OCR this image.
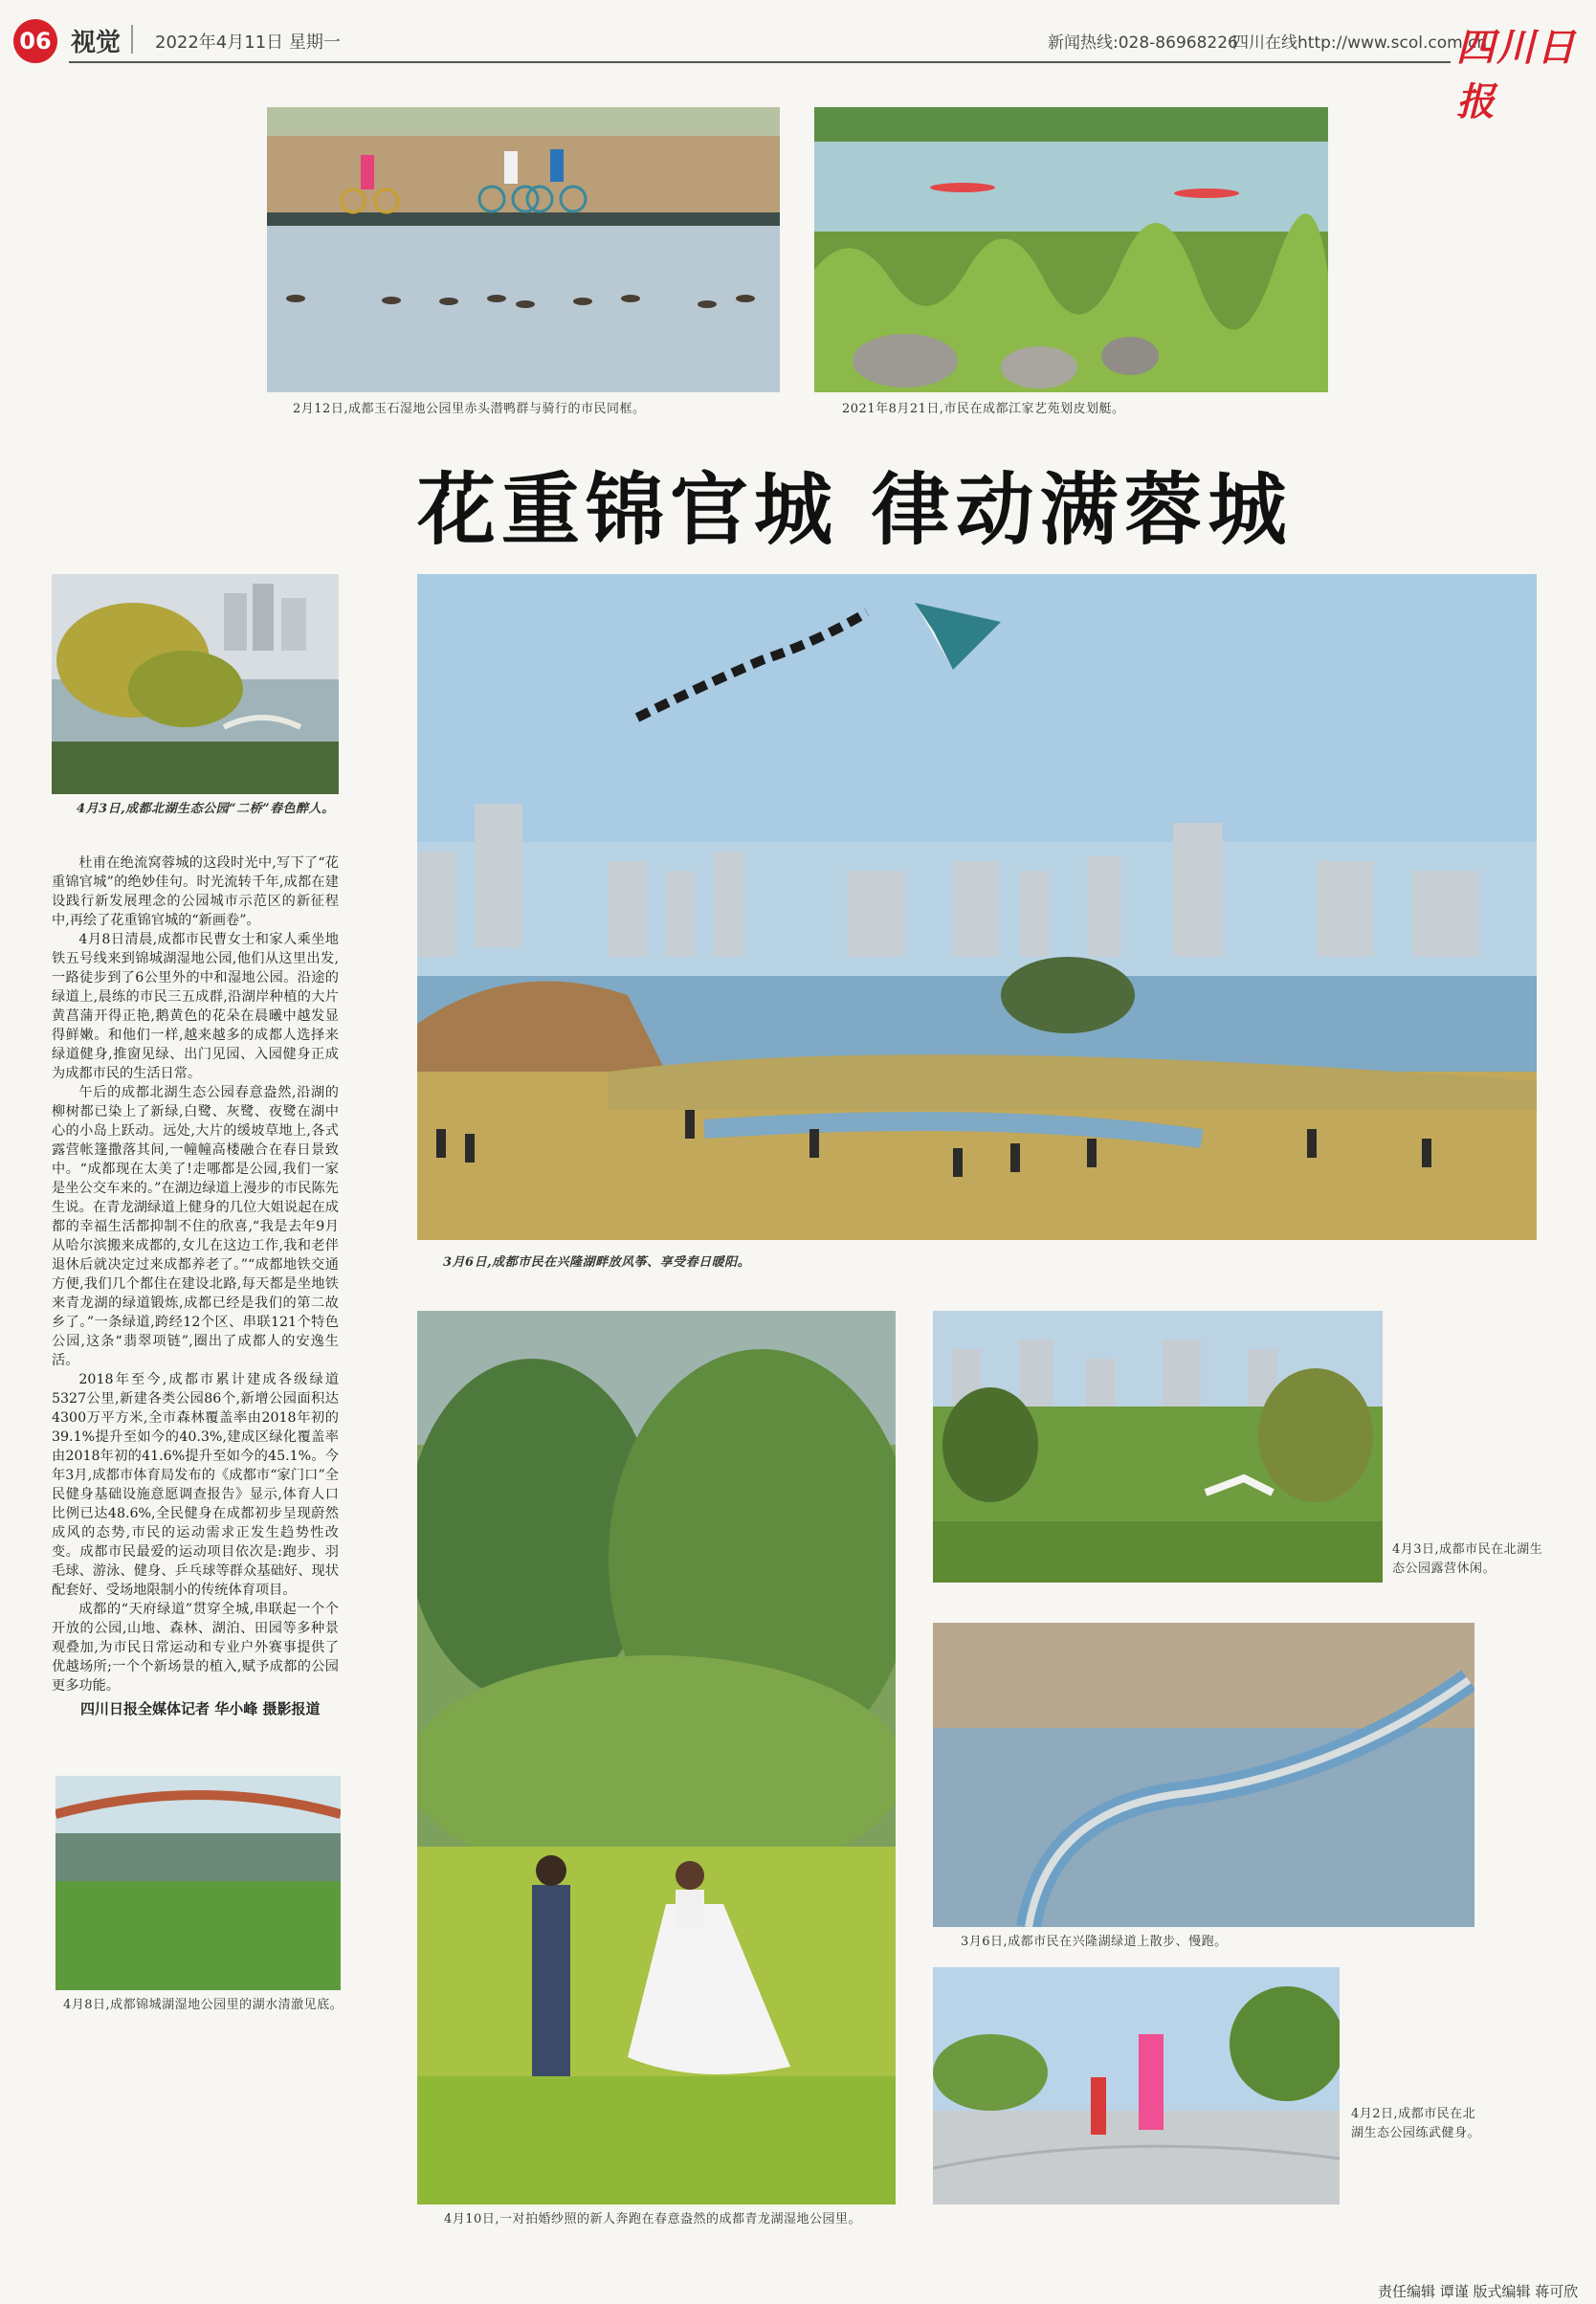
06 视觉 2022年4月11日 星期一	新闻热线:028-86968226
四川在线http://www.scol.com.cn
四川日报
2月12日,成都玉石湿地公园里赤头潜鸭群与骑行的市民同框。	2021年8月21日,市民在成都江家艺苑划皮划艇。
花重锦官城 律动满蓉城
4月3日,成都北湖生态公园“二桥”春色醉人。

杜甫在绝流窝蓉城的这段时光中,写下了“花重锦官城”的绝妙佳句。时光流转千年,成都在建设践行新发展理念的公园城市示范区的新征程中,再绘了花重锦官城的“新画卷”。

4月8日清晨,成都市民曹女士和家人乘坐地铁五号线来到锦城湖湿地公园,他们从这里出发,一路徒步到了6公里外的中和湿地公园。沿途的绿道上,晨练的市民三五成群,沿湖岸种植的大片黄菖蒲开得正艳,鹅黄色的花朵在晨曦中越发显得鲜嫩。和他们一样,越来越多的成都人选择来绿道健身,推窗见绿、出门见园、入园健身正成为成都市民的生活日常。

午后的成都北湖生态公园春意盎然,沿湖的柳树都已染上了新绿,白鹭、灰鹭、夜鹭在湖中心的小岛上跃动。远处,大片的缓坡草地上,各式露营帐篷撒落其间,一幢幢高楼融合在春日景致中。“成都现在太美了!走哪都是公园,我们一家是坐公交车来的。”在湖边绿道上漫步的市民陈先生说。在青龙湖绿道上健身的几位大姐说起在成都的幸福生活都抑制不住的欣喜,“我是去年9月从哈尔滨搬来成都的,女儿在这边工作,我和老伴退休后就决定过来成都养老了。”“成都地铁交通方便,我们几个都住在建设北路,每天都是坐地铁来青龙湖的绿道锻炼,成都已经是我们的第二故乡了。”一条绿道,跨经12个区、串联121个特色公园,这条“翡翠项链”,圈出了成都人的安逸生活。

2018年至今,成都市累计建成各级绿道5327公里,新建各类公园86个,新增公园面积达4300万平方米,全市森林覆盖率由2018年初的39.1%提升至如今的40.3%,建成区绿化覆盖率由2018年初的41.6%提升至如今的45.1%。今年3月,成都市体育局发布的《成都市“家门口”全民健身基础设施意愿调查报告》显示,体育人口比例已达48.6%,全民健身在成都初步呈现蔚然成风的态势,市民的运动需求正发生趋势性改变。成都市民最爱的运动项目依次是:跑步、羽毛球、游泳、健身、乒乓球等群众基础好、现状配套好、受场地限制小的传统体育项目。

成都的“天府绿道”贯穿全城,串联起一个个开放的公园,山地、森林、湖泊、田园等多种景观叠加,为市民日常运动和专业户外赛事提供了优越场所;一个个新场景的植入,赋予成都的公园更多功能。

四川日报全媒体记者 华小峰 摄影报道
3月6日,成都市民在兴隆湖畔放风筝、享受春日暖阳。
4月10日,一对拍婚纱照的新人奔跑在春意盎然的成都青龙湖湿地公园里。
4月3日,成都市民在北湖生态公园露营休闲。
3月6日,成都市民在兴隆湖绿道上散步、慢跑。
4月8日,成都锦城湖湿地公园里的湖水清澈见底。
4月2日,成都市民在北湖生态公园练武健身。
责任编辑 谭谨 版式编辑 蒋可欣
